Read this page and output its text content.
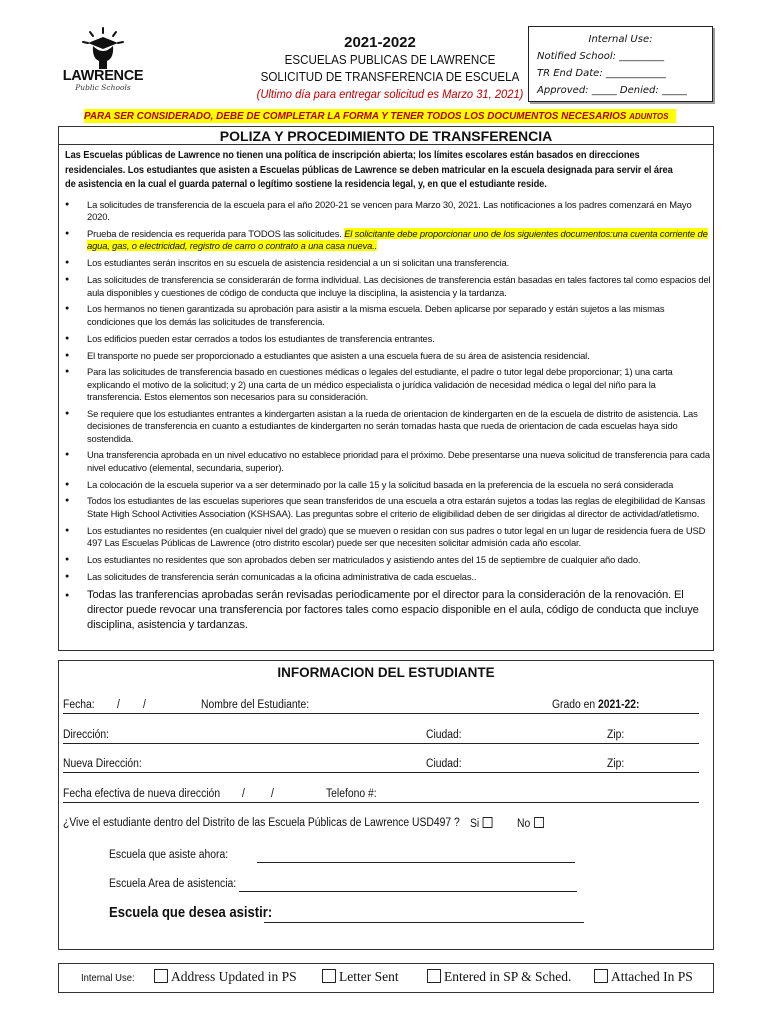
LAWRENCE
Public Schools
2021-2022
ESCUELAS PUBLICAS DE LAWRENCE
SOLICITUD DE TRANSFERENCIA DE ESCUELA
(Ultimo día para entregar solicitud es Marzo 31, 2021)
Internal Use:
Notified School: _________
TR End Date: ____________
Approved: _____ Denied: _____
PARA SER CONSIDERADO, DEBE DE COMPLETAR LA FORMA Y TENER TODOS LOS DOCUMENTOS NECESARIOS ADUNTOS
POLIZA Y PROCEDIMIENTO DE TRANSFERENCIA
Las Escuelas públicas de Lawrence no tienen una política de inscripción abierta; los límites escolares están basados en direcciones residenciales. Los estudiantes que asisten a Escuelas públicas de Lawrence se deben matricular en la escuela designada para servir el área de asistencia en la cual el guarda paternal o legítimo sostiene la residencia legal, y, en que el estudiante reside.
● La solicitudes de transferencia de la escuela para el año 2020-21 se vencen para Marzo 30, 2021. Las notificaciones a los padres comenzará en Mayo 2020.
● Prueba de residencia es requerida para TODOS las solicitudes. El solicitante debe proporcionar uno de los siguientes documentos:una cuenta corriente de agua, gas, o electricidad, registro de carro o contrato a una casa nueva..
● Los estudiantes serán inscritos en su escuela de asistencia residencial a un si solicitan una transferencia.
● Las solicitudes de transferencia se considerarán de forma individual. Las decisiones de transferencia están basadas en tales factores tal como espacios del aula disponibles y cuestiones de código de conducta que incluye la disciplina, la asistencia y la tardanza.
● Los hermanos no tienen garantizada su aprobación para asistir a la misma escuela. Deben aplicarse por separado y están sujetos a las mismas condiciones que los demás las solicitudes de transferencia.
● Los edificios pueden estar cerrados a todos los estudiantes de transferencia entrantes.
● El transporte no puede ser proporcionado a estudiantes que asisten a una escuela fuera de su área de asistencia residencial.
● Para las solicitudes de transferencia basado en cuestiones médicas o legales del estudiante, el padre o tutor legal debe proporcionar; 1) una carta explicando el motivo de la solicitud; y 2) una carta de un médico especialista o jurídica validación de necesidad médica o legal del niño para la transferencia. Estos elementos son necesarios para su consideración.
● Se requiere que los estudiantes entrantes a kindergarten asistan a la rueda de orientacion de kindergarten en de la escuela de distrito de asistencia. Las decisiones de transferencia en cuanto a estudiantes de kindergarten no serán tomadas hasta que rueda de orientacion de cada escuelas haya sido sostendida.
● Una transferencia aprobada en un nivel educativo no establece prioridad para el próximo. Debe presentarse una nueva solicitud de transferencia para cada nivel educativo (elemental, secundaria, superior).
● La colocación de la escuela superior va a ser determinado por la calle 15 y la solicitud basada en la preferencia de la escuela no será considerada
● Todos los estudiantes de las escuelas superiores que sean transferidos de una escuela a otra estarán sujetos a todas las reglas de elegibilidad de Kansas State High School Activities Association (KSHSAA). Las preguntas sobre el criterio de eligibilidad deben de ser dirigidas al director de actividad/atletismo.
● Los estudiantes no residentes (en cualquier nivel del grado) que se mueven o residan con sus padres o tutor legal en un lugar de residencia fuera de USD 497 Las Escuelas Públicas de Lawrence (otro distrito escolar) puede ser que necesiten solicitar admisión cada año escolar.
● Los estudiantes no residentes que son aprobados deben ser matriculados y asistiendo antes del 15 de septiembre de cualquier año dado.
● Las solicitudes de transferencia serán comunicadas a la oficina administrativa de cada escuelas..
● Todas las tranferencias aprobadas serán revisadas periodicamente por el director para la consideración de la renovación. El director puede revocar una transferencia por factores tales como espacio disponible en el aula, código de conducta que incluye disciplina, asistencia y tardanzas.
INFORMACION DEL ESTUDIANTE
Fecha: / /	Nombre del Estudiante:	Grado en 2021-22:
Dirección:	Ciudad:	Zip:
Nueva Dirección:	Ciudad:	Zip:
Fecha efectiva de nueva dirección / /	Telefono #:
¿Vive el estudiante dentro del Distrito de las Escuela Públicas de Lawrence USD497 ? Si	No
Escuela que asiste ahora:
Escuela Area de asistencia:
Escuela que desea asistir:
Internal Use:	Address Updated in PS	Letter Sent	Entered in SP & Sched.	Attached In PS
